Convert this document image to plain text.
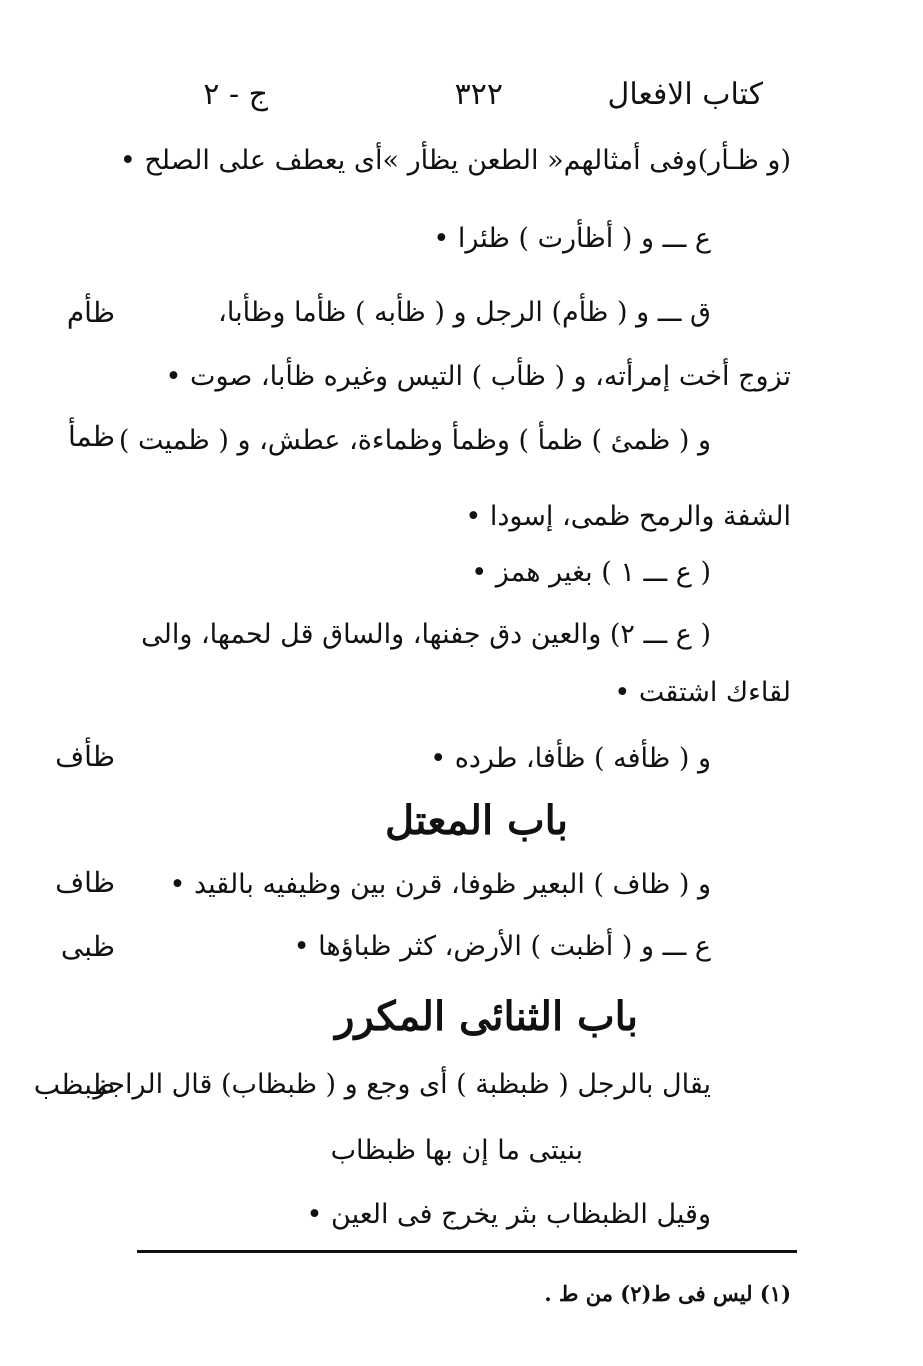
كتاب الافعال
٣٢٢
ج - ٢
(و ظـأر)وفى أمثالهم« الطعن يظأر »أى يعطف على الصلح •
ع ـــ و ( أظأرت ) ظئرا •
ق ـــ و ( ظأم) الرجل و ( ظأبه ) ظأما وظأبا،
تزوج أخت إمرأته، و ( ظأب ) التيس وغيره ظأبا، صوت •
و ( ظمئ ) ظمأ ) وظمأ وظماءة، عطش، و ( ظميت )
الشفة والرمح ظمى، إسودا •
( ع ـــ ١ ) بغير همز •
( ع ـــ ٢) والعين دق جفنها، والساق قل لحمها، والى
لقاءك اشتقت •
و ( ظأفه ) ظأفا، طرده •
باب المعتل
و ( ظاف ) البعير ظوفا، قرن بين وظيفيه بالقيد •
ع ـــ و ( أظبت ) الأرض، كثر ظباؤها •
باب الثنائى المكرر
يقال بالرجل ( ظبظبة ) أى وجع و ( ظبظاب) قال الراجز
بنيتى ما إن بها ظبظاب
وقيل الظبظاب بثر يخرج فى العين •
ظأم
ظمأ
ظأف
ظاف
ظبى
ظبظب
(١) ليس فى ط(٢) من ط .
